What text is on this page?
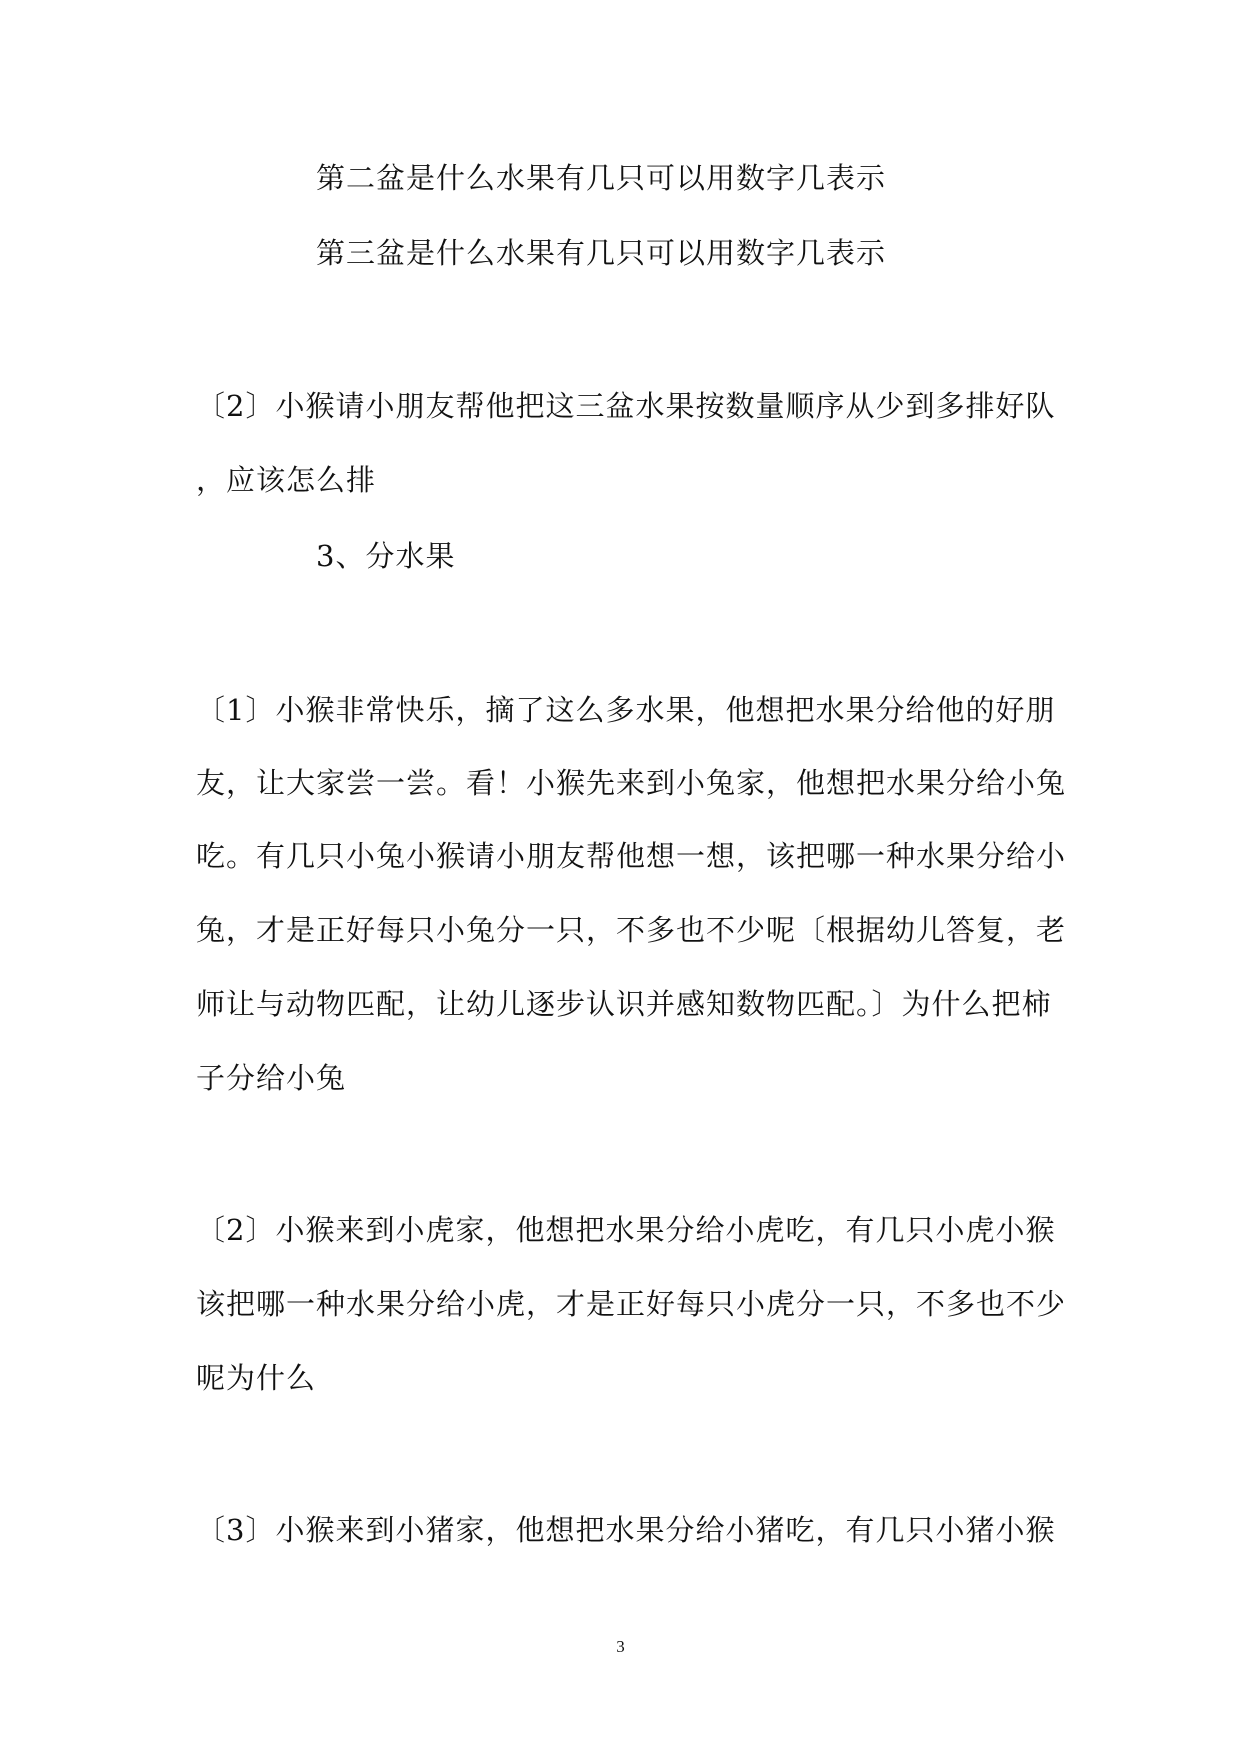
第二盆是什么水果有几只可以用数字几表示
第三盆是什么水果有几只可以用数字几表示
〔2〕小猴请小朋友帮他把这三盆水果按数量顺序从少到多排好队
，应该怎么排
3、分水果
〔1〕小猴非常快乐，摘了这么多水果，他想把水果分给他的好朋
友，让大家尝一尝。看！小猴先来到小兔家，他想把水果分给小兔
吃。有几只小兔小猴请小朋友帮他想一想，该把哪一种水果分给小
兔，才是正好每只小兔分一只，不多也不少呢〔根据幼儿答复，老
师让与动物匹配，让幼儿逐步认识并感知数物匹配。〕为什么把柿
子分给小兔
〔2〕小猴来到小虎家，他想把水果分给小虎吃，有几只小虎小猴
该把哪一种水果分给小虎，才是正好每只小虎分一只，不多也不少
呢为什么
〔3〕小猴来到小猪家，他想把水果分给小猪吃，有几只小猪小猴
3
